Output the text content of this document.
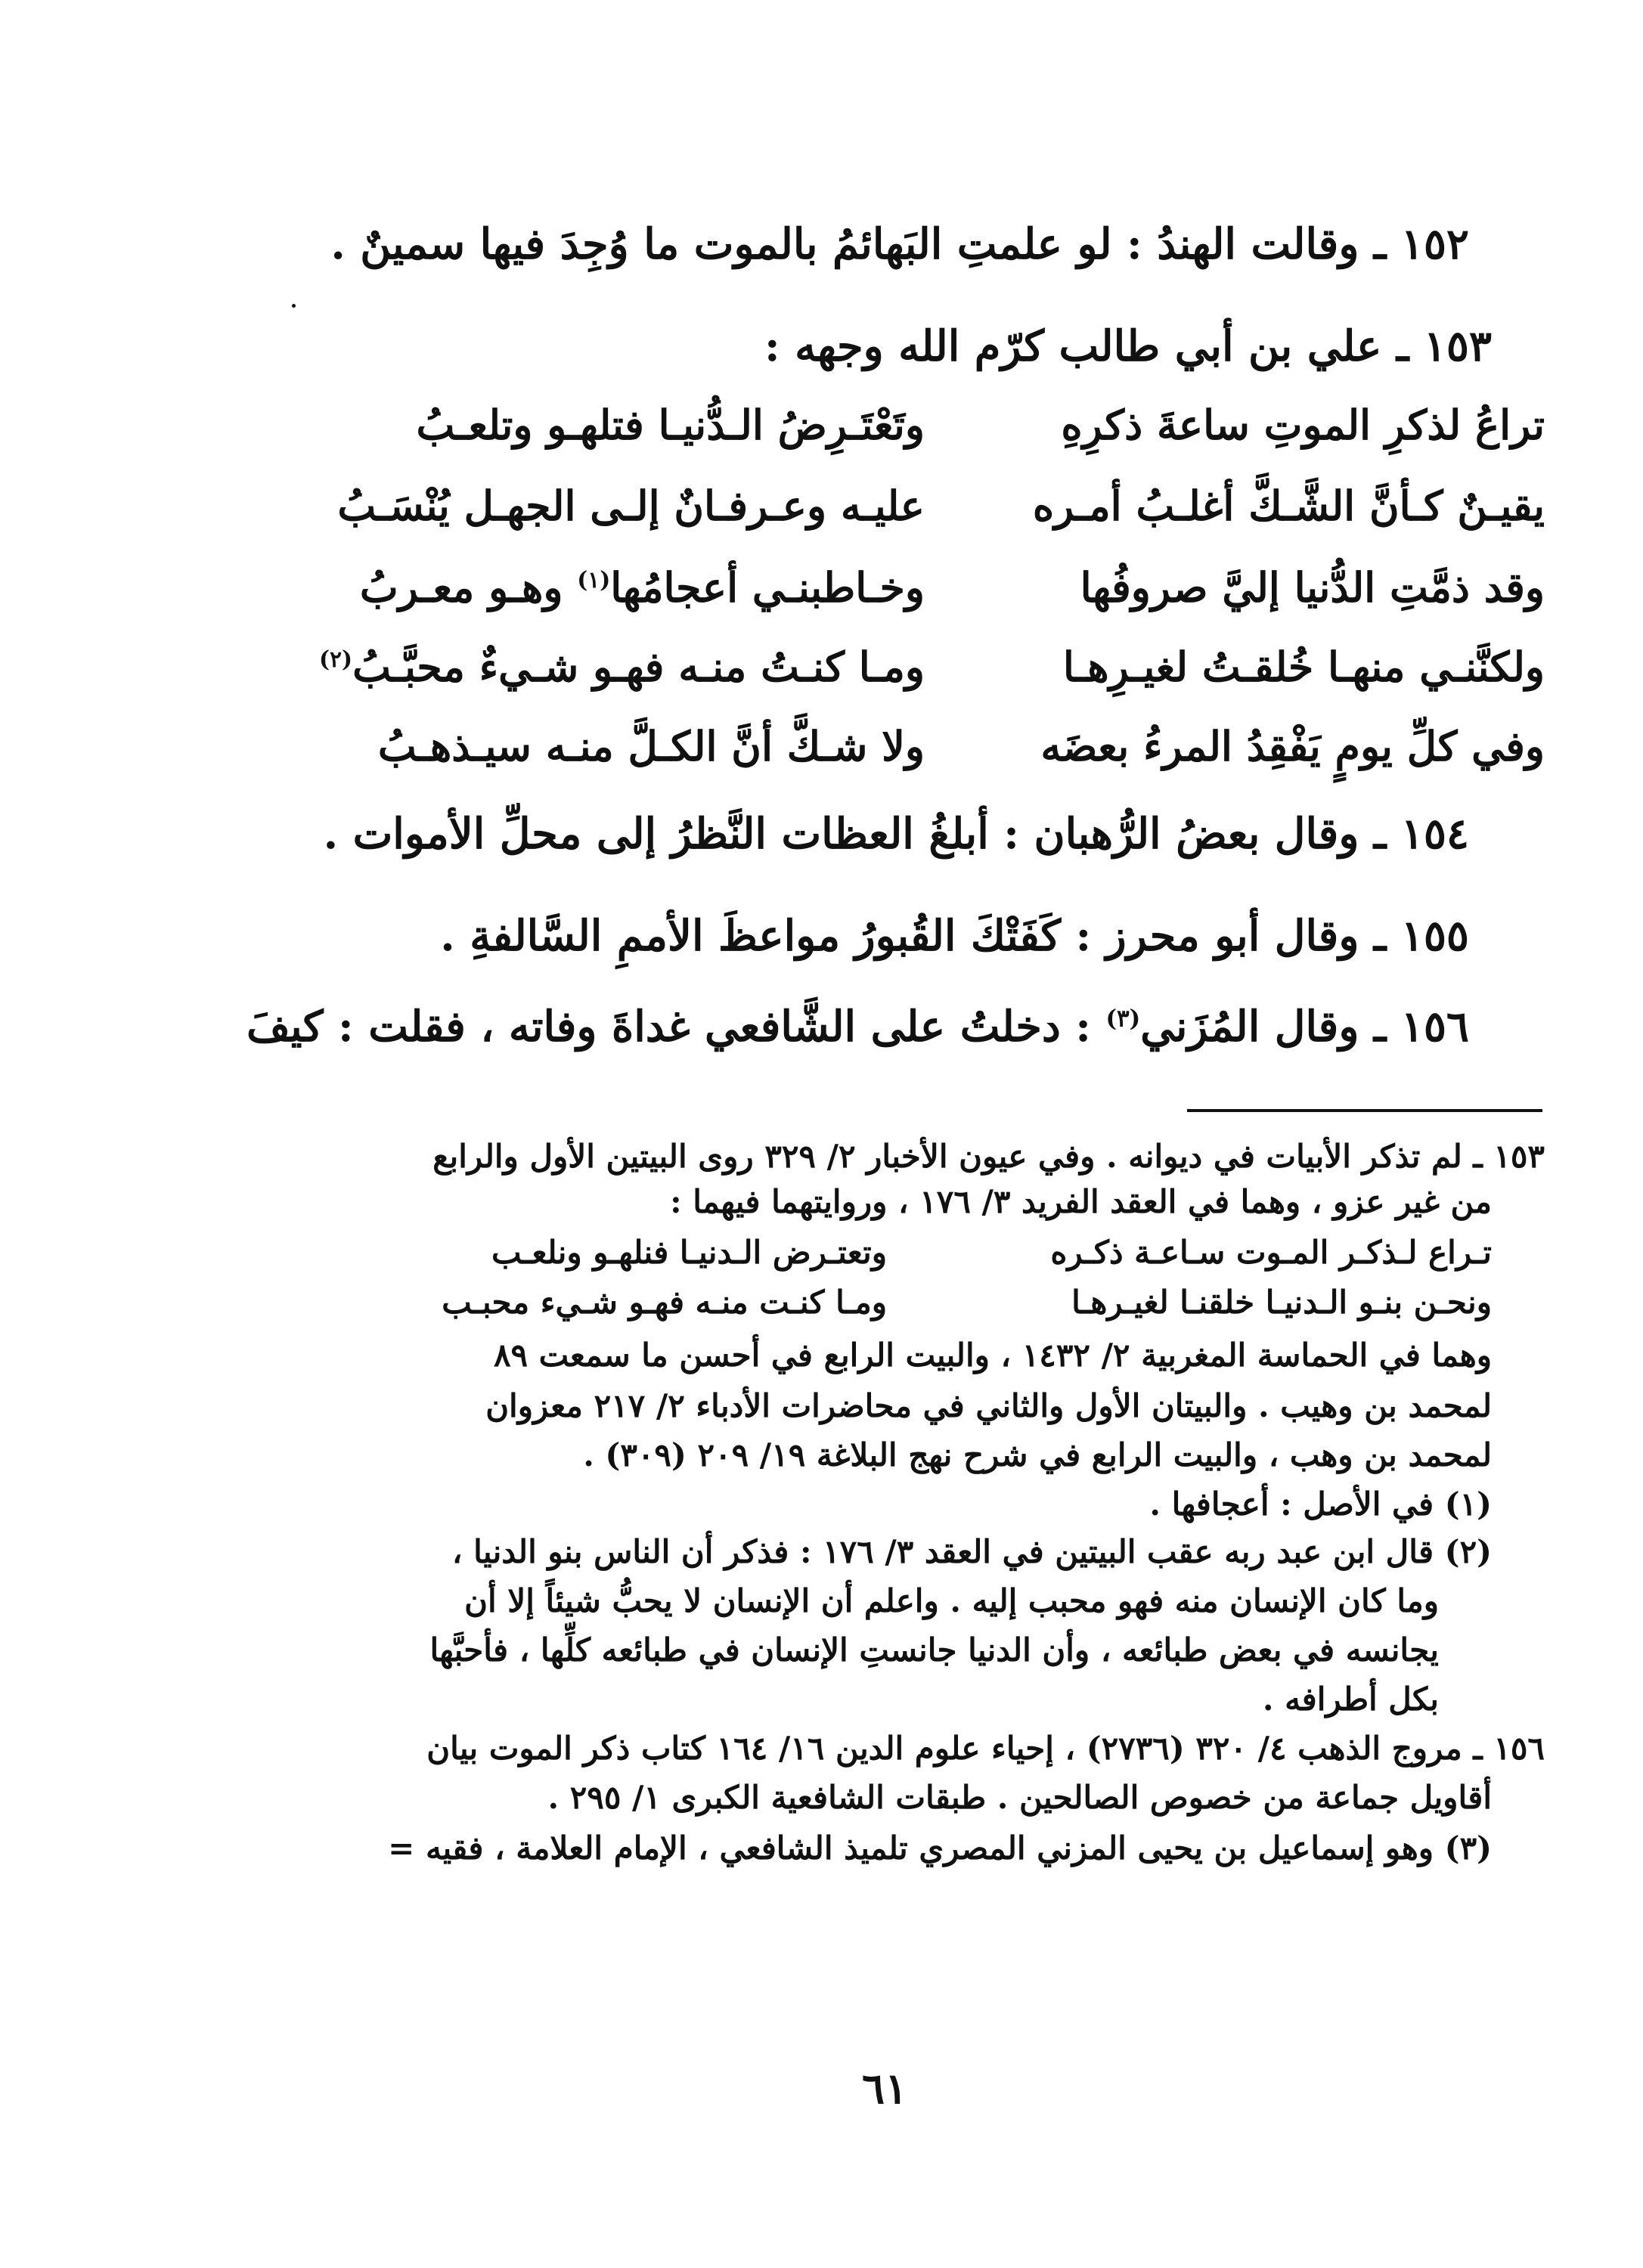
١٥٢ ـ وقالت الهندُ : لو علمتِ البَهائمُ بالموت ما وُجِدَ فيها سمينٌ .
١٥٣ ـ علي بن أبي طالب كرّم الله وجهه :
تراعُ لذكرِ الموتِ ساعةَ ذكرِهِ
وتَعْتَـرِضُ الـدُّنيـا فتلهـو وتلعـبُ
يقيـنٌ كـأنَّ الشَّـكَّ أغلـبُ أمـره
عليـه وعـرفـانٌ إلـى الجهـل يُنْسَـبُ
وقد ذمَّتِ الدُّنيا إليَّ صروفُها
وخـاطبنـي أعجامُها$^{(١)}$ وهـو معـربُ
ولكنَّنـي منهـا خُلقـتُ لغيـرِهـا
ومـا كنـتُ منـه فهـو شـيءٌ محبَّـبُ$^{(٢)}$
وفي كلِّ يومٍ يَفْقِدُ المرءُ بعضَه
ولا شـكَّ أنَّ الكـلَّ منـه سيـذهـبُ
١٥٤ ـ وقال بعضُ الرُّهبان : أبلغُ العظات النَّظرُ إلى محلِّ الأموات .
١٥٥ ـ وقال أبو محرز : كَفَتْكَ القُبورُ مواعظَ الأممِ السَّالفةِ .
١٥٦ ـ وقال المُزَني$^{(٣)}$ : دخلتُ على الشَّافعي غداةَ وفاته ، فقلت : كيفَ
١٥٣ ـ لم تذكر الأبيات في ديوانه . وفي عيون الأخبار ٢/ ٣٢٩ روى البيتين الأول والرابع
من غير عزو ، وهما في العقد الفريد ٣/ ١٧٦ ، وروايتهما فيهما :
تـراع لـذكـر المـوت سـاعـة ذكـره
وتعتـرض الـدنيـا فنلهـو ونلعـب
ونحـن بنـو الـدنيـا خلقنـا لغيـرهـا
ومـا كنـت منـه فهـو شـيء محبـب
وهما في الحماسة المغربية ٢/ ١٤٣٢ ، والبيت الرابع في أحسن ما سمعت ٨٩
لمحمد بن وهيب . والبيتان الأول والثاني في محاضرات الأدباء ٢/ ٢١٧ معزوان
لمحمد بن وهب ، والبيت الرابع في شرح نهج البلاغة ١٩/ ٢٠٩ (٣٠٩) .
(١) في الأصل : أعجافها .
(٢) قال ابن عبد ربه عقب البيتين في العقد ٣/ ١٧٦ : فذكر أن الناس بنو الدنيا ،
وما كان الإنسان منه فهو محبب إليه . واعلم أن الإنسان لا يحبُّ شيئاً إلا أن
يجانسه في بعض طبائعه ، وأن الدنيا جانستِ الإنسان في طبائعه كلِّها ، فأحبَّها
بكل أطرافه .
١٥٦ ـ مروج الذهب ٤/ ٣٢٠ (٢٧٣٦) ، إحياء علوم الدين ١٦/ ١٦٤ كتاب ذكر الموت بيان
أقاويل جماعة من خصوص الصالحين . طبقات الشافعية الكبرى ١/ ٢٩٥ .
(٣) وهو إسماعيل بن يحيى المزني المصري تلميذ الشافعي ، الإمام العلامة ، فقيه =
٦١
